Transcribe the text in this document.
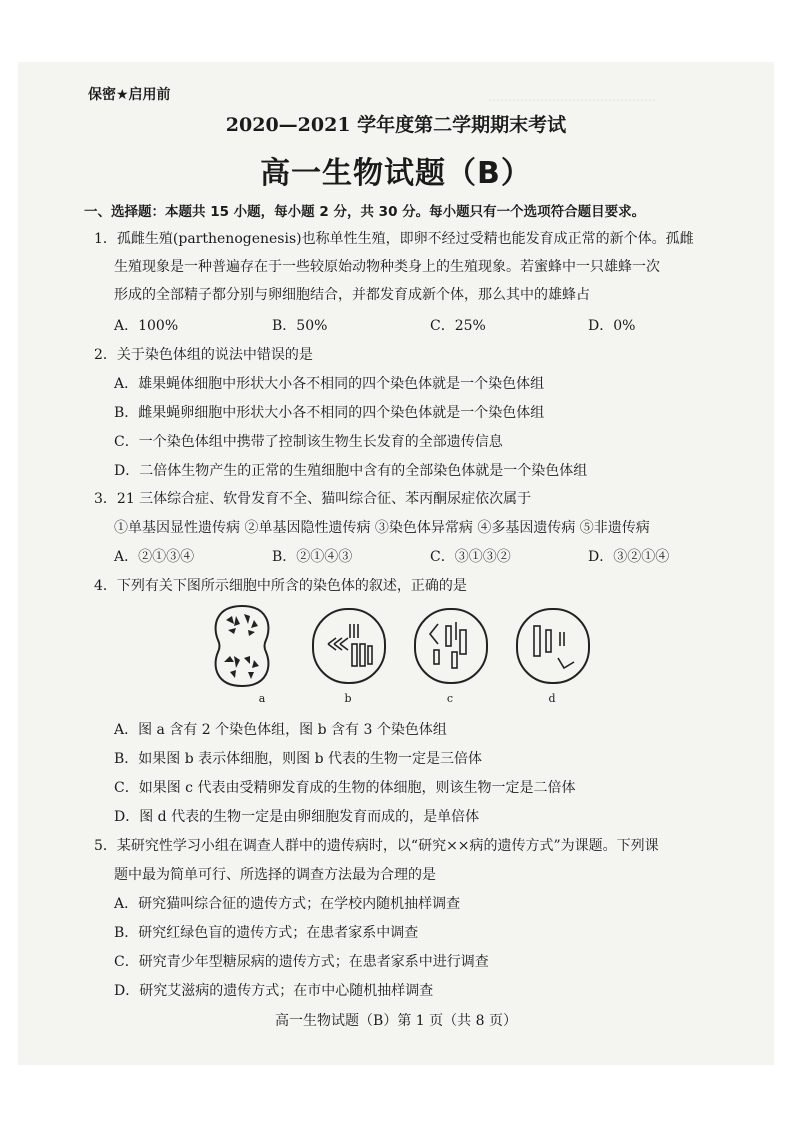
……………………………………
保密★启用前
2020—2021 学年度第二学期期末考试
高一生物试题（B）
一、选择题：本题共 15 小题，每小题 2 分，共 30 分。每小题只有一个选项符合题目要求。
1．孤雌生殖(parthenogenesis)也称单性生殖，即卵不经过受精也能发育成正常的新个体。孤雌
生殖现象是一种普遍存在于一些较原始动物种类身上的生殖现象。若蜜蜂中一只雄蜂一次
形成的全部精子都分别与卵细胞结合，并都发育成新个体，那么其中的雄蜂占
A．100%	B．50%	C．25%	D．0%
2．关于染色体组的说法中错误的是
A．雄果蝇体细胞中形状大小各不相同的四个染色体就是一个染色体组
B．雌果蝇卵细胞中形状大小各不相同的四个染色体就是一个染色体组
C．一个染色体组中携带了控制该生物生长发育的全部遗传信息
D．二倍体生物产生的正常的生殖细胞中含有的全部染色体就是一个染色体组
3．21 三体综合症、软骨发育不全、猫叫综合征、苯丙酮尿症依次属于
①单基因显性遗传病 ②单基因隐性遗传病 ③染色体异常病 ④多基因遗传病 ⑤非遗传病
A．②①③④	B．②①④③	C．③①③②	D．③②①④
4．下列有关下图所示细胞中所含的染色体的叙述，正确的是
a	b	c	d
A．图 a 含有 2 个染色体组，图 b 含有 3 个染色体组
B．如果图 b 表示体细胞，则图 b 代表的生物一定是三倍体
C．如果图 c 代表由受精卵发育成的生物的体细胞，则该生物一定是二倍体
D．图 d 代表的生物一定是由卵细胞发育而成的，是单倍体
5．某研究性学习小组在调查人群中的遗传病时，以“研究××病的遗传方式”为课题。下列课
题中最为简单可行、所选择的调查方法最为合理的是
A．研究猫叫综合征的遗传方式；在学校内随机抽样调查
B．研究红绿色盲的遗传方式；在患者家系中调查
C．研究青少年型糖尿病的遗传方式；在患者家系中进行调查
D．研究艾滋病的遗传方式；在市中心随机抽样调查
高一生物试题（B）第 1 页（共 8 页）
